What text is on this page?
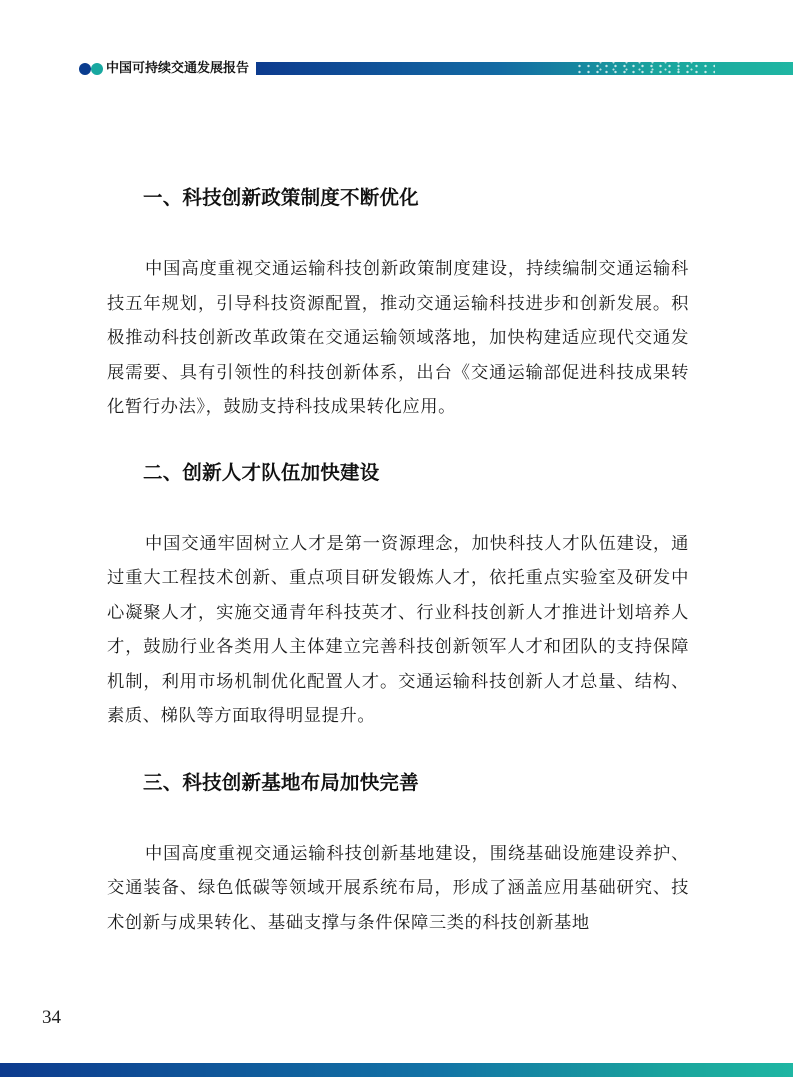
中国可持续交通发展报告
一、科技创新政策制度不断优化

中国高度重视交通运输科技创新政策制度建设，持续编制交通运输科技五年规划，引导科技资源配置，推动交通运输科技进步和创新发展。积极推动科技创新改革政策在交通运输领域落地，加快构建适应现代交通发展需要、具有引领性的科技创新体系，出台《交通运输部促进科技成果转化暂行办法》，鼓励支持科技成果转化应用。

二、创新人才队伍加快建设

中国交通牢固树立人才是第一资源理念，加快科技人才队伍建设，通过重大工程技术创新、重点项目研发锻炼人才，依托重点实验室及研发中心凝聚人才，实施交通青年科技英才、行业科技创新人才推进计划培养人才，鼓励行业各类用人主体建立完善科技创新领军人才和团队的支持保障机制，利用市场机制优化配置人才。交通运输科技创新人才总量、结构、素质、梯队等方面取得明显提升。

三、科技创新基地布局加快完善

中国高度重视交通运输科技创新基地建设，围绕基础设施建设养护、交通装备、绿色低碳等领域开展系统布局，形成了涵盖应用基础研究、技术创新与成果转化、基础支撑与条件保障三类的科技创新基地

34
